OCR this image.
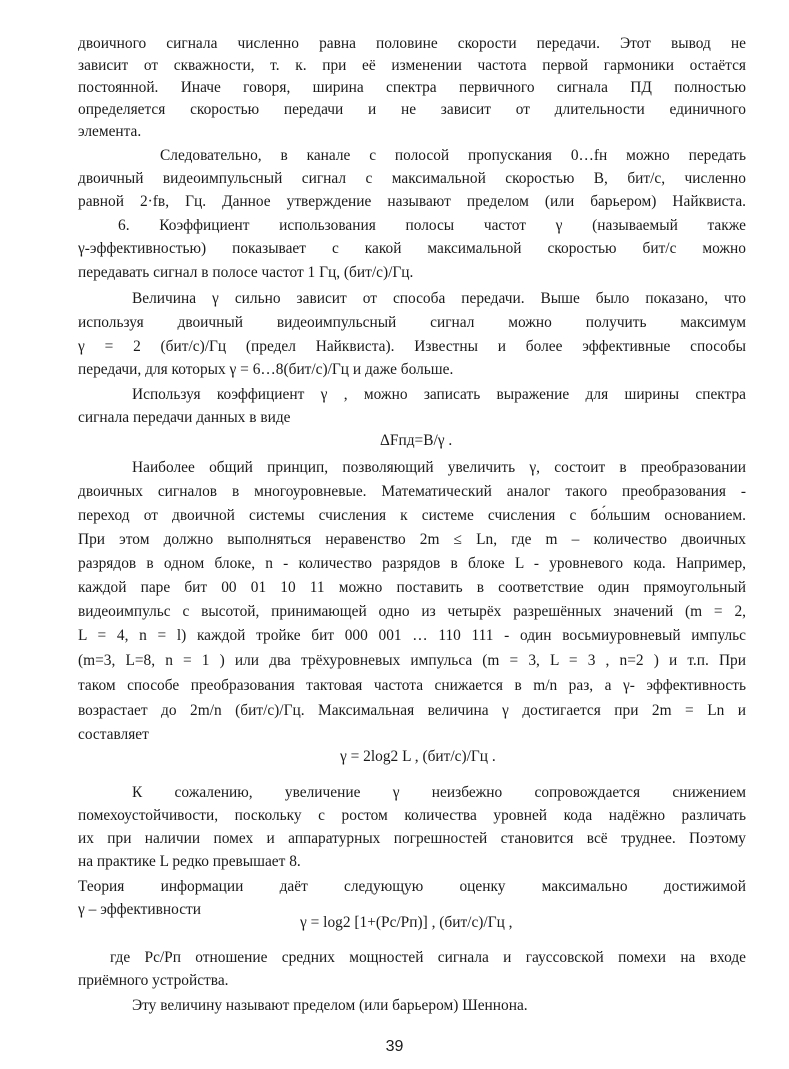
двоичного сигнала численно равна половине скорости передачи. Этот вывод не
зависит от скважности, т. к. при её изменении частота первой гармоники остаётся
постоянной. Иначе говоря, ширина спектра первичного сигнала ПД полностью
определяется скоростью передачи и не зависит от длительности единичного
элемента.
Следовательно, в канале с полосой пропускания 0…fн можно передать
двоичный видеоимпульсный сигнал с максимальной скоростью В, бит/с, численно
равной 2·fв, Гц. Данное утверждение называют пределом (или барьером) Найквиста.
6. Коэффициент использования полосы частот γ (называемый также
γ-эффективностью) показывает с какой максимальной скоростью бит/с можно
передавать сигнал в полосе частот 1 Гц, (бит/с)/Гц.
Величина γ сильно зависит от способа передачи. Выше было показано, что
используя двоичный видеоимпульсный сигнал можно получить максимум
γ = 2 (бит/с)/Гц (предел Найквиста). Известны и более эффективные способы
передачи, для которых γ = 6…8(бит/с)/Гц и даже больше.
Используя коэффициент γ , можно записать выражение для ширины спектра
сигнала передачи данных в виде
ΔFпд=B/γ .
Наиболее общий принцип, позволяющий увеличить γ, состоит в преобразовании
двоичных сигналов в многоуровневые. Математический аналог такого преобразования -
переход от двоичной системы счисления к системе счисления с бо́льшим основанием.
При этом должно выполняться неравенство 2m ≤ Ln, где m – количество двоичных
разрядов в одном блоке, n - количество разрядов в блоке L - уровневого кода. Например,
каждой паре бит 00 01 10 11 можно поставить в соответствие один прямоугольный
видеоимпульс с высотой, принимающей одно из четырёх разрешённых значений (m = 2,
L = 4, n = l) каждой тройке бит 000 001 … 110 111 - один восьмиуровневый импульс
(m=3, L=8, n = 1 ) или два трёхуровневых импульса (m = 3, L = 3 , n=2 ) и т.п. При
таком способе преобразования тактовая частота снижается в m/n раз, а γ- эффективность
возрастает до 2m/n (бит/с)/Гц. Максимальная величина γ достигается при 2m = Ln и
составляет
γ = 2log2 L , (бит/с)/Гц .
К сожалению, увеличение γ неизбежно сопровождается снижением
помехоустойчивости, поскольку с ростом количества уровней кода надёжно различать
их при наличии помех и аппаратурных погрешностей становится всё труднее. Поэтому
на практике L редко превышает 8.
Теория информации даёт следующую оценку максимально достижимой
γ – эффективности
γ = log2 [1+(Pс/Pп)] , (бит/с)/Гц ,
где Pс/Pп отношение средних мощностей сигнала и гауссовской помехи на входе
приёмного устройства.
Эту величину называют пределом (или барьером) Шеннона.
39
